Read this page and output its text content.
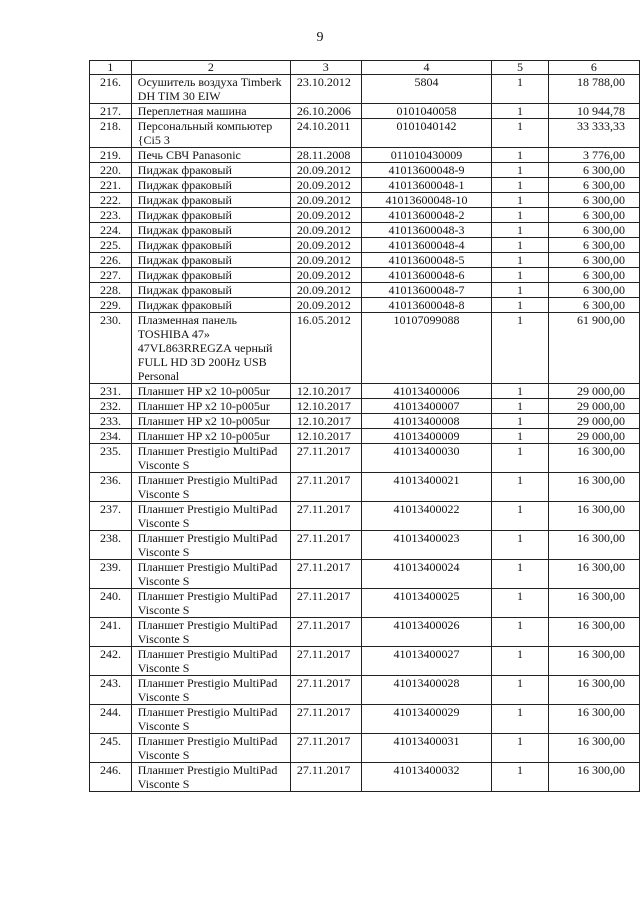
9
1	2	3	4	5	6
216.	Осушитель воздуха Timberk DH TIM 30 EIW	23.10.2012	5804	1	18 788,00
217.	Переплетная машина	26.10.2006	0101040058	1	10 944,78
218.	Персональный компьютер {Ci5 3	24.10.2011	0101040142	1	33 333,33
219.	Печь СВЧ Panasonic	28.11.2008	011010430009	1	3 776,00
220.	Пиджак фраковый	20.09.2012	41013600048-9	1	6 300,00
221.	Пиджак фраковый	20.09.2012	41013600048-1	1	6 300,00
222.	Пиджак фраковый	20.09.2012	41013600048-10	1	6 300,00
223.	Пиджак фраковый	20.09.2012	41013600048-2	1	6 300,00
224.	Пиджак фраковый	20.09.2012	41013600048-3	1	6 300,00
225.	Пиджак фраковый	20.09.2012	41013600048-4	1	6 300,00
226.	Пиджак фраковый	20.09.2012	41013600048-5	1	6 300,00
227.	Пиджак фраковый	20.09.2012	41013600048-6	1	6 300,00
228.	Пиджак фраковый	20.09.2012	41013600048-7	1	6 300,00
229.	Пиджак фраковый	20.09.2012	41013600048-8	1	6 300,00
230.	Плазменная панель TOSHIBA 47» 47VL863RREGZA черный FULL HD 3D 200Hz USB Personal	16.05.2012	10107099088	1	61 900,00
231.	Планшет HP x2 10-p005ur	12.10.2017	41013400006	1	29 000,00
232.	Планшет HP x2 10-p005ur	12.10.2017	41013400007	1	29 000,00
233.	Планшет HP x2 10-p005ur	12.10.2017	41013400008	1	29 000,00
234.	Планшет HP x2 10-p005ur	12.10.2017	41013400009	1	29 000,00
235.	Планшет Prestigio MultiPad Visconte S	27.11.2017	41013400030	1	16 300,00
236.	Планшет Prestigio MultiPad Visconte S	27.11.2017	41013400021	1	16 300,00
237.	Планшет Prestigio MultiPad Visconte S	27.11.2017	41013400022	1	16 300,00
238.	Планшет Prestigio MultiPad Visconte S	27.11.2017	41013400023	1	16 300,00
239.	Планшет Prestigio MultiPad Visconte S	27.11.2017	41013400024	1	16 300,00
240.	Планшет Prestigio MultiPad Visconte S	27.11.2017	41013400025	1	16 300,00
241.	Планшет Prestigio MultiPad Visconte S	27.11.2017	41013400026	1	16 300,00
242.	Планшет Prestigio MultiPad Visconte S	27.11.2017	41013400027	1	16 300,00
243.	Планшет Prestigio MultiPad Visconte S	27.11.2017	41013400028	1	16 300,00
244.	Планшет Prestigio MultiPad Visconte S	27.11.2017	41013400029	1	16 300,00
245.	Планшет Prestigio MultiPad Visconte S	27.11.2017	41013400031	1	16 300,00
246.	Планшет Prestigio MultiPad Visconte S	27.11.2017	41013400032	1	16 300,00
